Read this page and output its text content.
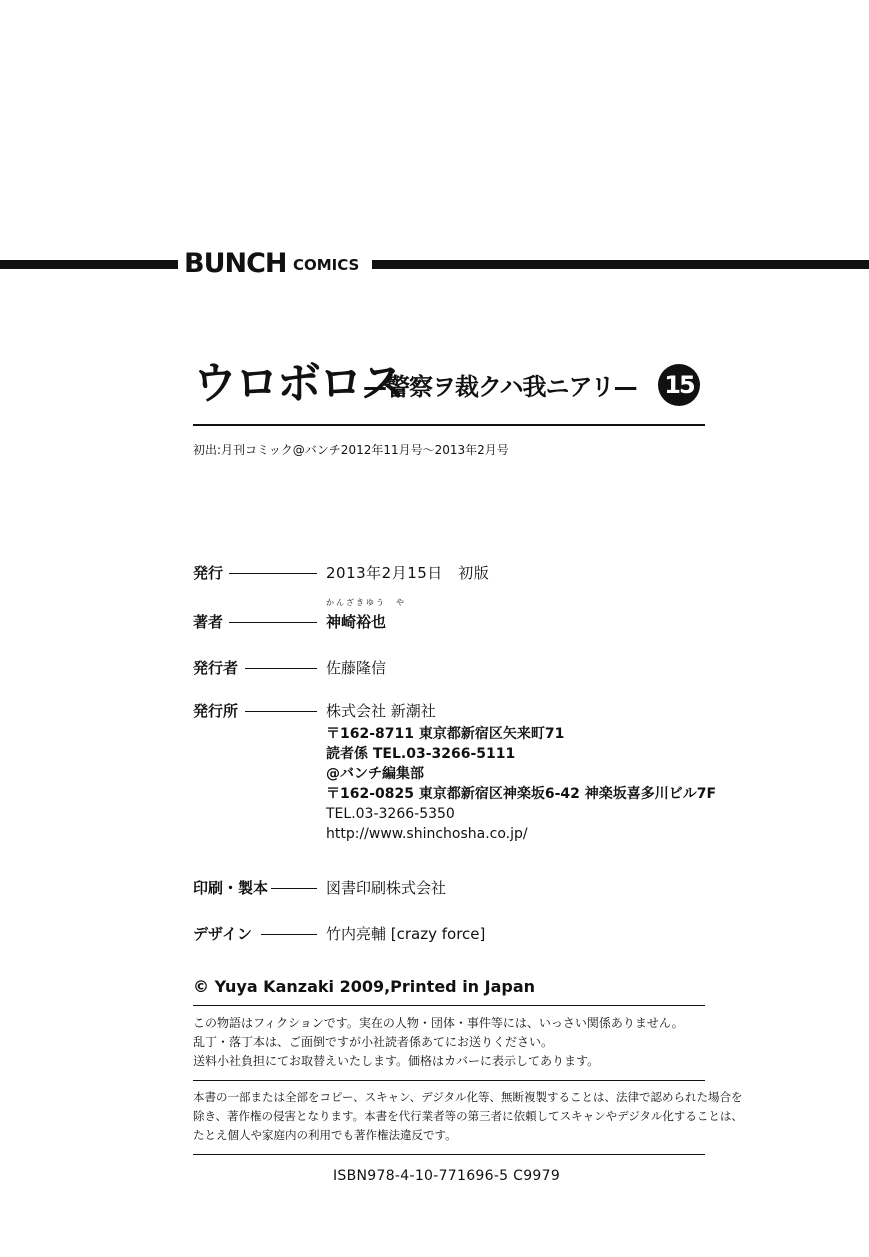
BUNCH COMICS
ウロボロス
—警察ヲ裁クハ我ニアリ— 15
初出:月刊コミック@バンチ2012年11月号～2013年2月号
発行	2013年2月15日　初版
かんざきゆう　や
著者	神崎裕也
発行者	佐藤隆信
発行所	株式会社 新潮社
〒162-8711 東京都新宿区矢来町71
読者係 TEL.03-3266-5111
@バンチ編集部
〒162-0825 東京都新宿区神楽坂6-42 神楽坂喜多川ビル7F
TEL.03-3266-5350
http://www.shinchosha.co.jp/
印刷・製本	図書印刷株式会社
デザイン	竹内亮輔 [crazy force]
© Yuya Kanzaki 2009,Printed in Japan
この物語はフィクションです。実在の人物・団体・事件等には、いっさい関係ありません。
乱丁・落丁本は、ご面倒ですが小社読者係あてにお送りください。
送料小社負担にてお取替えいたします。価格はカバーに表示してあります。
本書の一部または全部をコピー、スキャン、デジタル化等、無断複製することは、法律で認められた場合を
除き、著作権の侵害となります。本書を代行業者等の第三者に依頼してスキャンやデジタル化することは、
たとえ個人や家庭内の利用でも著作権法違反です。
ISBN978-4-10-771696-5 C9979
